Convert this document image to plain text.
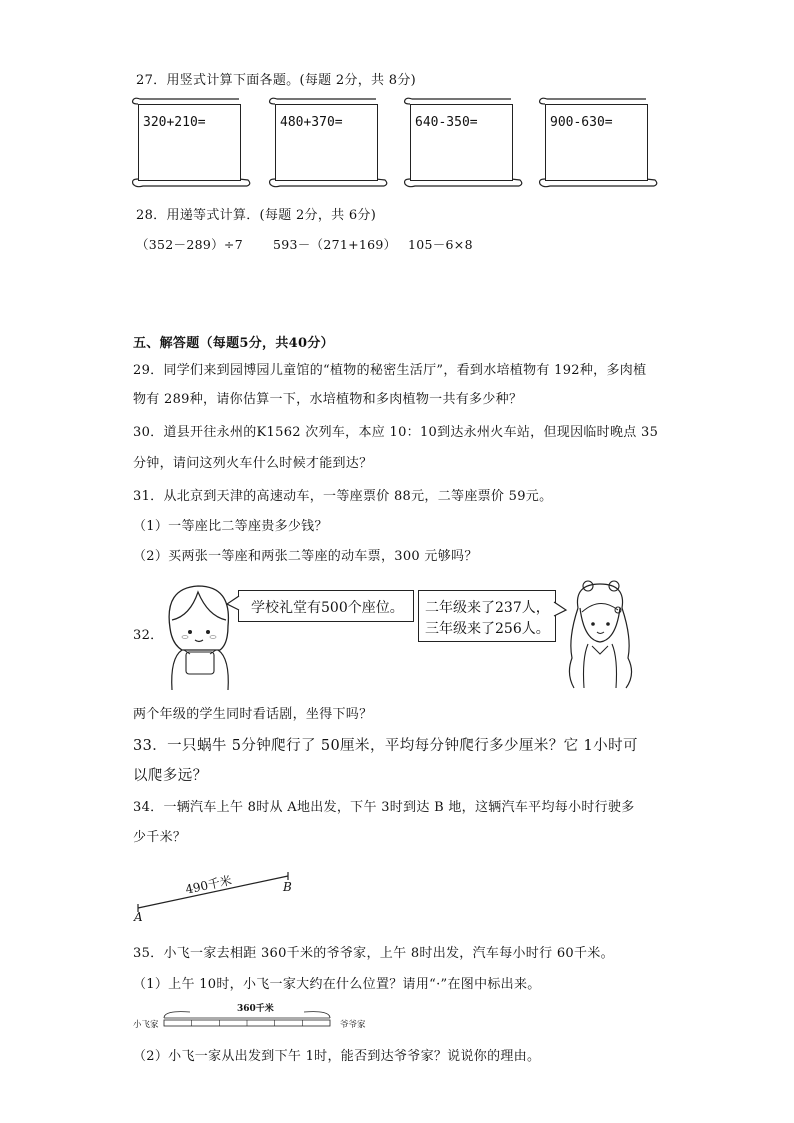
27．用竖式计算下面各题。(每题 2分，共 8分)
320+210=	480+370=	640-350=	900-630=
28．用递等式计算．(每题 2分，共 6分)
（352－289）÷7 593－（271+169） 105－6×8
五、解答题（每题5分，共40分）
29．同学们来到园博园儿童馆的“植物的秘密生活厅”，看到水培植物有 192种，多肉植
物有 289种，请你估算一下，水培植物和多肉植物一共有多少种？
30．道县开往永州的K1562 次列车，本应 10：10到达永州火车站，但现因临时晚点 35
分钟，请问这列火车什么时候才能到达？
31．从北京到天津的高速动车，一等座票价 88元，二等座票价 59元。
（1）一等座比二等座贵多少钱？
（2）买两张一等座和两张二等座的动车票，300 元够吗？
32．
学校礼堂有500个座位。 二年级来了237人，
三年级来了256人。
两个年级的学生同时看话剧，坐得下吗？
33．一只蜗牛 5分钟爬行了 50厘米，平均每分钟爬行多少厘米？它 1小时可
以爬多远？
34．一辆汽车上午 8时从 A地出发，下午 3时到达 B 地，这辆汽车平均每小时行驶多
少千米？
490千米
A
B
35．小飞一家去相距 360千米的爷爷家，上午 8时出发，汽车每小时行 60千米。
（1）上午 10时，小飞一家大约在什么位置？请用“·”在图中标出来。
360千米
小飞家	爷爷家
（2）小飞一家从出发到下午 1时，能否到达爷爷家？说说你的理由。
